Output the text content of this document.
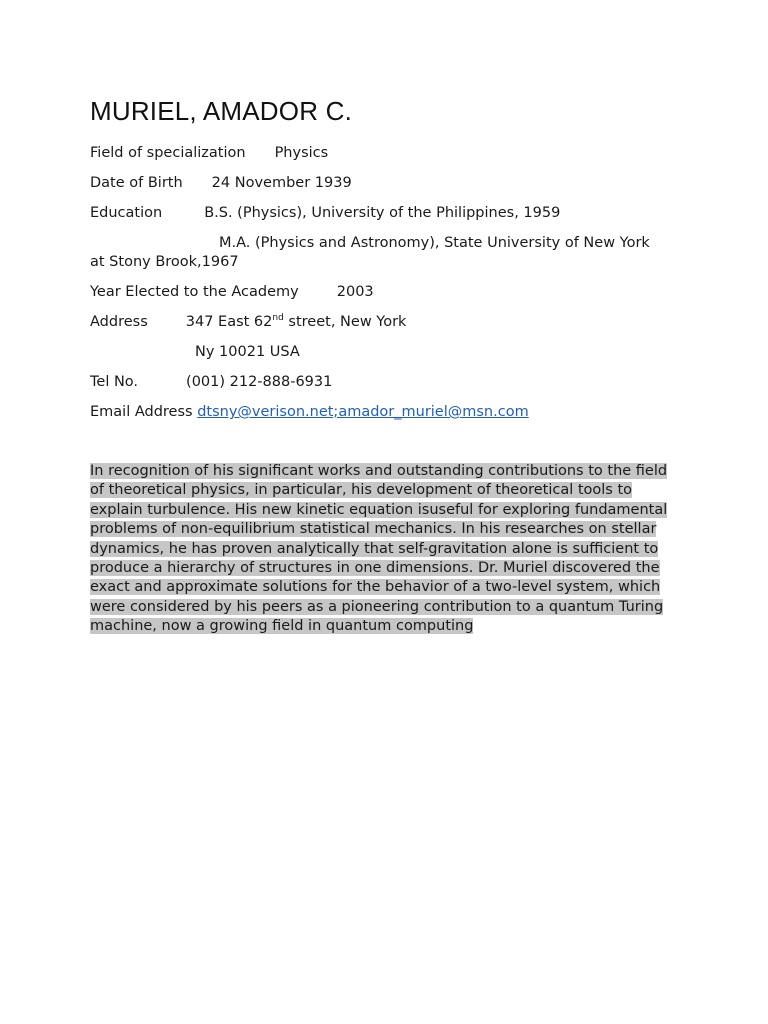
MURIEL, AMADOR C.
Field of specialization Physics
Date of Birth 24 November 1939
Education	B.S. (Physics), University of the Philippines, 1959
M.A. (Physics and Astronomy), State University of New York
at Stony Brook,1967
Year Elected to the Academy	2003
Address	347 East 62nd street, New York
Ny 10021 USA
Tel No.	(001) 212-888-6931
Email Address dtsny@verison.net;amador_muriel@msn.com
In recognition of his significant works and outstanding contributions to the field of theoretical physics, in particular, his development of theoretical tools to explain turbulence. His new kinetic equation isuseful for exploring fundamental problems of non-equilibrium statistical mechanics. In his researches on stellar dynamics, he has proven analytically that self-gravitation alone is sufficient to produce a hierarchy of structures in one dimensions. Dr. Muriel discovered the exact and approximate solutions for the behavior of a two-level system, which were considered by his peers as a pioneering contribution to a quantum Turing machine, now a growing field in quantum computing
